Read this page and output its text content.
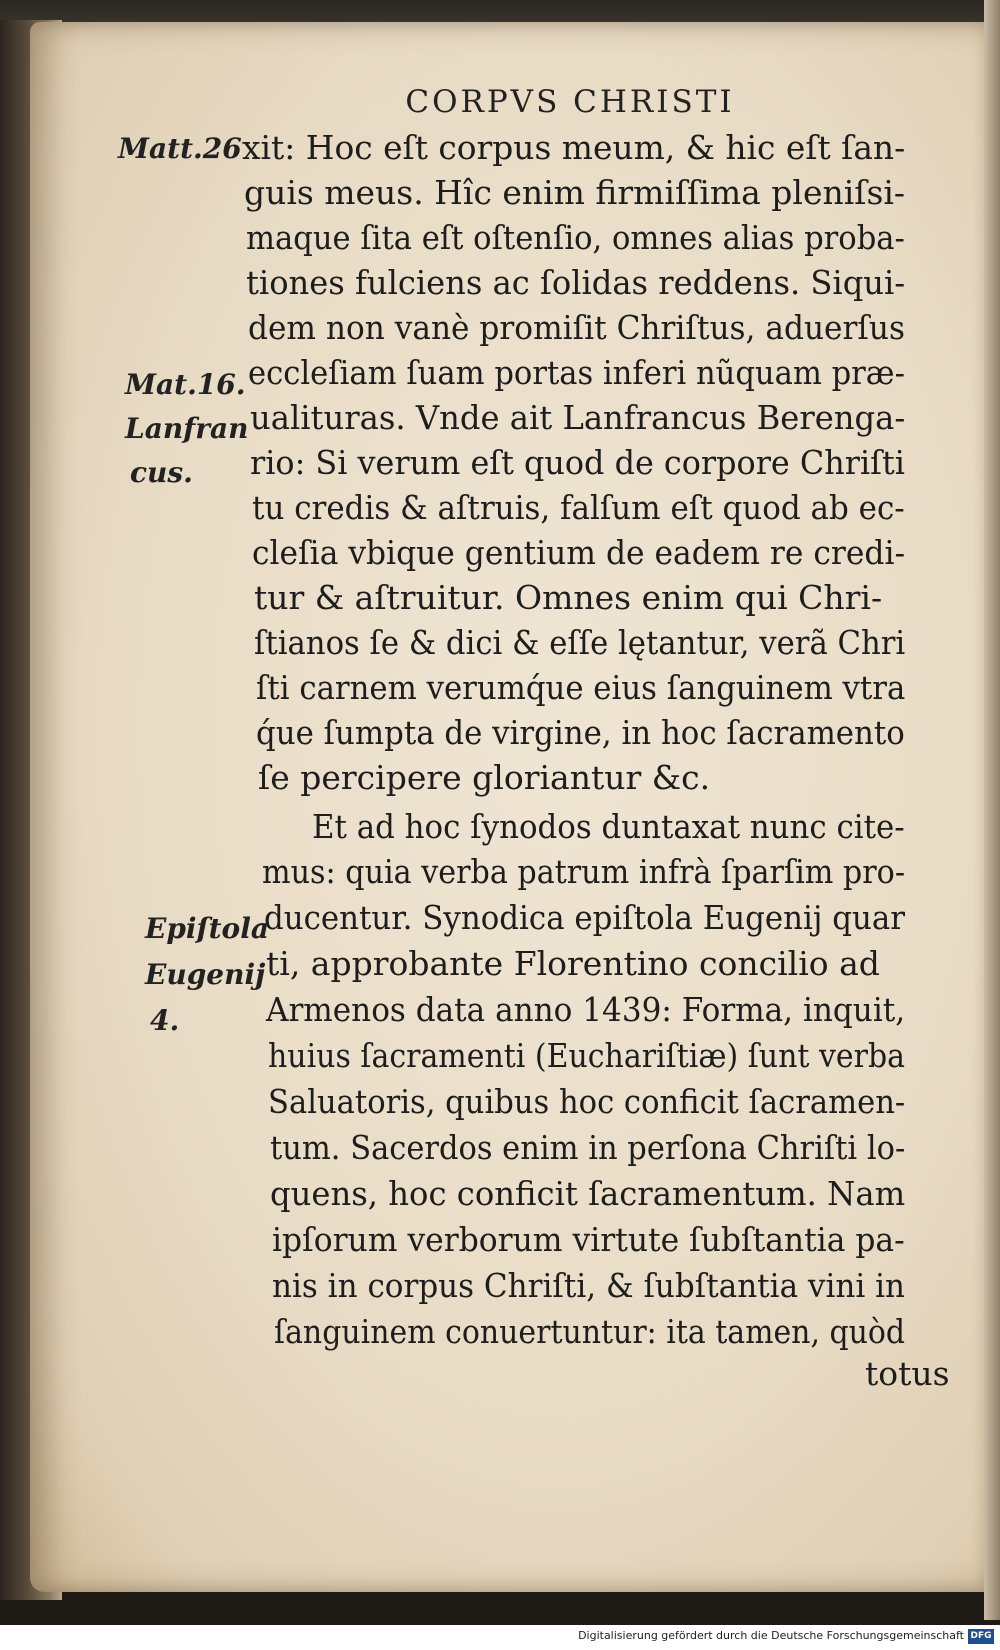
CORPVS CHRISTI
Matt.26
Mat.16.
Lanfran
cus.
Epiſtola
Eugenij
4.
xit: Hoc eſt corpus meum, & hic eſt ſan-
guis meus. Hîc enim firmiſſima pleniſsi-
maque ſita eſt oſtenſio, omnes alias proba-
tiones fulciens ac ſolidas reddens. Siqui-
dem non vanè promiſit Chriſtus, aduerſus
eccleſiam ſuam portas inferi nũquam præ-
ualituras. Vnde ait Lanfrancus Berenga-
rio: Si verum eſt quod de corpore Chriſti
tu credis & aſtruis, falſum eſt quod ab ec-
cleſia vbique gentium de eadem re credi-
tur & aſtruitur. Omnes enim qui Chri-
ſtianos ſe & dici & eſſe lętantur, verã Chri
ſti carnem verumq́ue eius ſanguinem vtra
q́ue ſumpta de virgine, in hoc ſacramento
ſe percipere gloriantur &c.
Et ad hoc ſynodos duntaxat nunc cite-
mus: quia verba patrum infrà ſparſim pro-
ducentur. Synodica epiſtola Eugenij quar
ti, approbante Florentino concilio ad
Armenos data anno 1439: Forma, inquit,
huius ſacramenti (Euchariſtiæ) ſunt verba
Saluatoris, quibus hoc conficit ſacramen-
tum. Sacerdos enim in perſona Chriſti lo-
quens, hoc conficit ſacramentum. Nam
ipſorum verborum virtute ſubſtantia pa-
nis in corpus Chriſti, & ſubſtantia vini in
ſanguinem conuertuntur: ita tamen, quòd
totus
Digitalisierung gefördert durch die Deutsche Forschungsgemeinschaft DFG
